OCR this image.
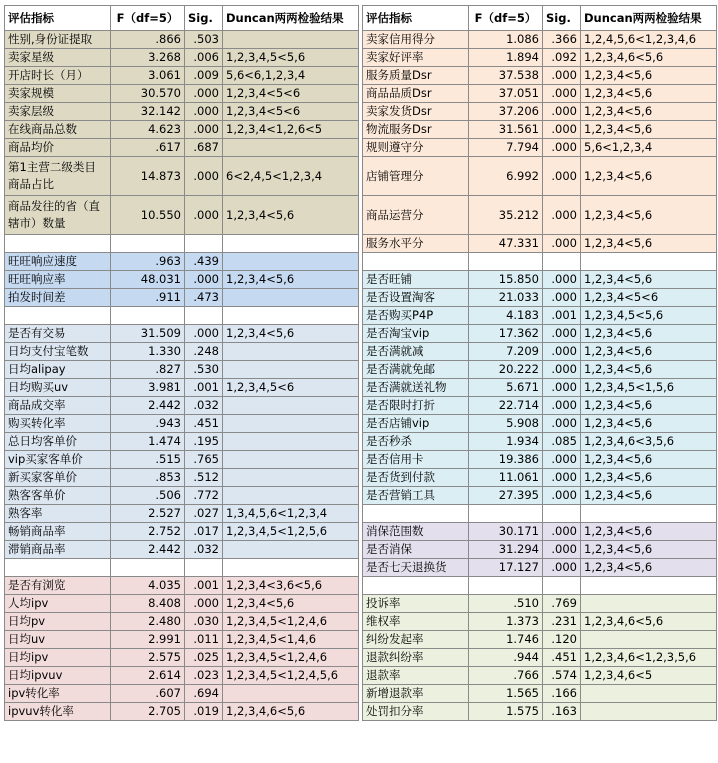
评估指标	F（df=5）	Sig.	Duncan两两检验结果
性别,身份证提取	.866	.503	
卖家星级	3.268	.006	1,2,3,4,5<5,6
开店时长（月）	3.061	.009	5,6<6,1,2,3,4
卖家规模	30.570	.000	1,2,3,4<5<6
卖家层级	32.142	.000	1,2,3,4<5<6
在线商品总数	4.623	.000	1,2,3,4<1,2,6<5
商品均价	.617	.687	
第1主营二级类目商品占比	14.873	.000	6<2,4,5<1,2,3,4
商品发往的省（直辖市）数量	10.550	.000	1,2,3,4<5,6

旺旺响应速度	.963	.439	
旺旺响应率	48.031	.000	1,2,3,4<5,6
拍发时间差	.911	.473	

是否有交易	31.509	.000	1,2,3,4<5,6
日均支付宝笔数	1.330	.248	
日均alipay	.827	.530	
日均购买uv	3.981	.001	1,2,3,4,5<6
商品成交率	2.442	.032	
购买转化率	.943	.451	
总日均客单价	1.474	.195	
vip买家客单价	.515	.765	
新买家客单价	.853	.512	
熟客客单价	.506	.772	
熟客率	2.527	.027	1,3,4,5,6<1,2,3,4
畅销商品率	2.752	.017	1,2,3,4,5<1,2,5,6
滞销商品率	2.442	.032	

是否有浏览	4.035	.001	1,2,3,4<3,6<5,6
人均ipv	8.408	.000	1,2,3,4<5,6
日均pv	2.480	.030	1,2,3,4,5<1,2,4,6
日均uv	2.991	.011	1,2,3,4,5<1,4,6
日均ipv	2.575	.025	1,2,3,4,5<1,2,4,6
日均ipvuv	2.614	.023	1,2,3,4,5<1,2,4,5,6
ipv转化率	.607	.694	
ipvuv转化率	2.705	.019	1,2,3,4,6<5,6
评估指标	F（df=5）	Sig.	Duncan两两检验结果
卖家信用得分	1.086	.366	1,2,4,5,6<1,2,3,4,6
卖家好评率	1.894	.092	1,2,3,4,6<5,6
服务质量Dsr	37.538	.000	1,2,3,4<5,6
商品品质Dsr	37.051	.000	1,2,3,4<5,6
卖家发货Dsr	37.206	.000	1,2,3,4<5,6
物流服务Dsr	31.561	.000	1,2,3,4<5,6
规则遵守分	7.794	.000	5,6<1,2,3,4
店铺管理分	6.992	.000	1,2,3,4<5,6
商品运营分	35.212	.000	1,2,3,4<5,6
服务水平分	47.331	.000	1,2,3,4<5,6

是否旺铺	15.850	.000	1,2,3,4<5,6
是否设置淘客	21.033	.000	1,2,3,4<5<6
是否购买P4P	4.183	.001	1,2,3,4,5<5,6
是否淘宝vip	17.362	.000	1,2,3,4<5,6
是否满就减	7.209	.000	1,2,3,4<5,6
是否满就免邮	20.222	.000	1,2,3,4<5,6
是否满就送礼物	5.671	.000	1,2,3,4,5<1,5,6
是否限时打折	22.714	.000	1,2,3,4<5,6
是否店铺vip	5.908	.000	1,2,3,4<5,6
是否秒杀	1.934	.085	1,2,3,4,6<3,5,6
是否信用卡	19.386	.000	1,2,3,4<5,6
是否货到付款	11.061	.000	1,2,3,4<5,6
是否营销工具	27.395	.000	1,2,3,4<5,6

消保范围数	30.171	.000	1,2,3,4<5,6
是否消保	31.294	.000	1,2,3,4<5,6
是否七天退换货	17.127	.000	1,2,3,4<5,6

投诉率	.510	.769	
维权率	1.373	.231	1,2,3,4,6<5,6
纠纷发起率	1.746	.120	
退款纠纷率	.944	.451	1,2,3,4,6<1,2,3,5,6
退款率	.766	.574	1,2,3,4,6<5
新增退款率	1.565	.166	
处罚扣分率	1.575	.163	
